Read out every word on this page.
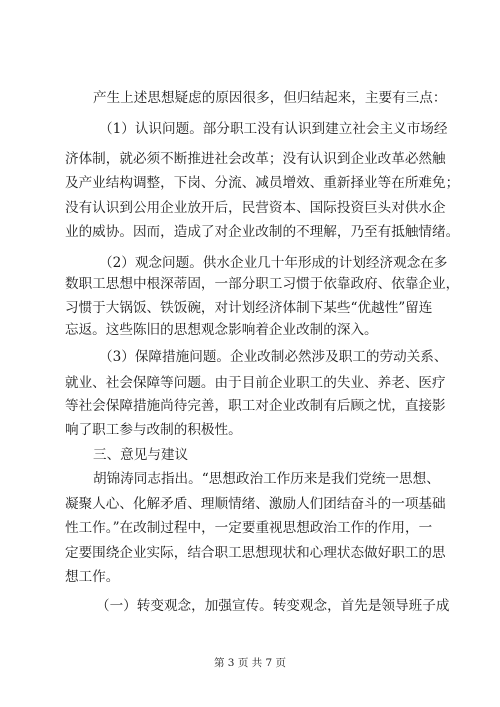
产生上述思想疑虑的原因很多，但归结起来，主要有三点：
（1）认识问题。部分职工没有认识到建立社会主义市场经
济体制，就必须不断推进社会改革；没有认识到企业改革必然触
及产业结构调整，下岗、分流、减员增效、重新择业等在所难免；
没有认识到公用企业放开后，民营资本、国际投资巨头对供水企
业的威协。因而，造成了对企业改制的不理解，乃至有抵触情绪。
（2）观念问题。供水企业几十年形成的计划经济观念在多
数职工思想中根深蒂固，一部分职工习惯于依靠政府、依靠企业，
习惯于大锅饭、铁饭碗，对计划经济体制下某些“优越性”留连
忘返。这些陈旧的思想观念影响着企业改制的深入。
（3）保障措施问题。企业改制必然涉及职工的劳动关系、
就业、社会保障等问题。由于目前企业职工的失业、养老、医疗
等社会保障措施尚待完善，职工对企业改制有后顾之忧，直接影
响了职工参与改制的积极性。
三、意见与建议
胡锦涛同志指出。“思想政治工作历来是我们党统一思想、
凝聚人心、化解矛盾、理顺情绪、激励人们团结奋斗的一项基础
性工作。”在改制过程中，一定要重视思想政治工作的作用，一
定要围绕企业实际，结合职工思想现状和心理状态做好职工的思
想工作。
（一）转变观念，加强宣传。转变观念，首先是领导班子成
第 3 页 共 7 页
